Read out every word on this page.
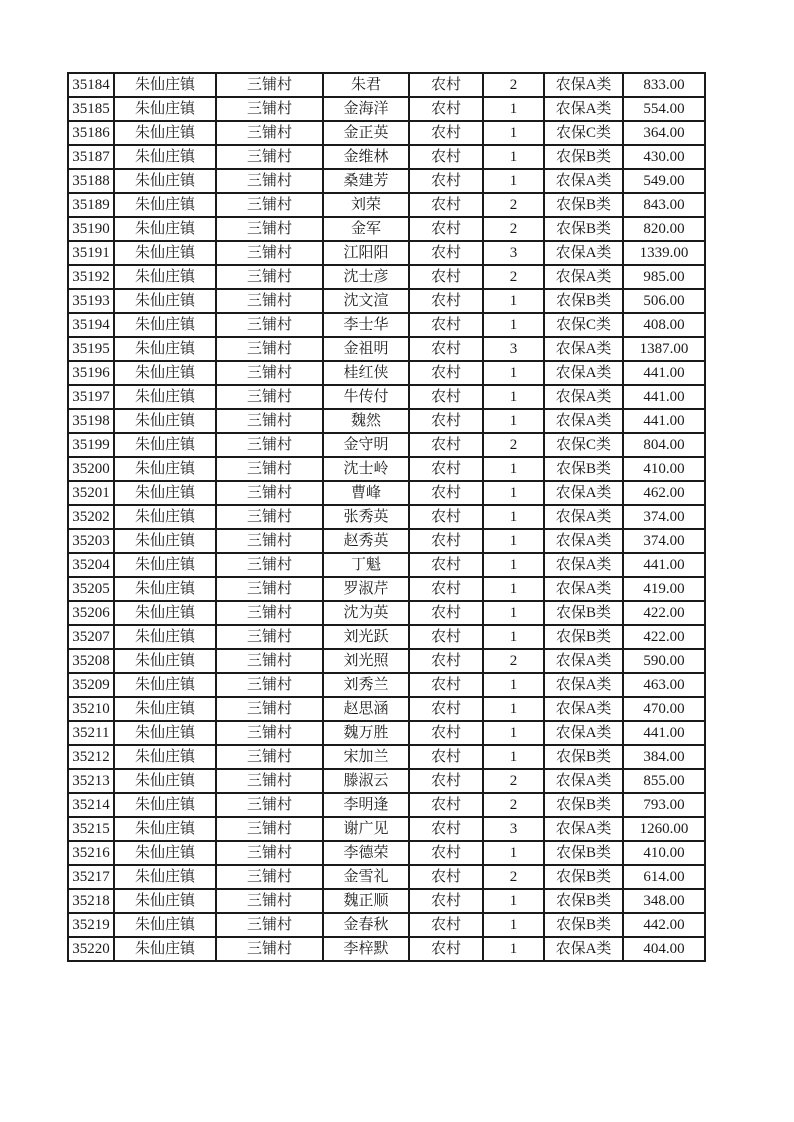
35184	朱仙庄镇	三铺村	朱君	农村	2	农保A类	833.00
35185	朱仙庄镇	三铺村	金海洋	农村	1	农保A类	554.00
35186	朱仙庄镇	三铺村	金正英	农村	1	农保C类	364.00
35187	朱仙庄镇	三铺村	金维林	农村	1	农保B类	430.00
35188	朱仙庄镇	三铺村	桑建芳	农村	1	农保A类	549.00
35189	朱仙庄镇	三铺村	刘荣	农村	2	农保B类	843.00
35190	朱仙庄镇	三铺村	金军	农村	2	农保B类	820.00
35191	朱仙庄镇	三铺村	江阳阳	农村	3	农保A类	1339.00
35192	朱仙庄镇	三铺村	沈士彦	农村	2	农保A类	985.00
35193	朱仙庄镇	三铺村	沈文渲	农村	1	农保B类	506.00
35194	朱仙庄镇	三铺村	李士华	农村	1	农保C类	408.00
35195	朱仙庄镇	三铺村	金祖明	农村	3	农保A类	1387.00
35196	朱仙庄镇	三铺村	桂红侠	农村	1	农保A类	441.00
35197	朱仙庄镇	三铺村	牛传付	农村	1	农保A类	441.00
35198	朱仙庄镇	三铺村	魏然	农村	1	农保A类	441.00
35199	朱仙庄镇	三铺村	金守明	农村	2	农保C类	804.00
35200	朱仙庄镇	三铺村	沈士岭	农村	1	农保B类	410.00
35201	朱仙庄镇	三铺村	曹峰	农村	1	农保A类	462.00
35202	朱仙庄镇	三铺村	张秀英	农村	1	农保A类	374.00
35203	朱仙庄镇	三铺村	赵秀英	农村	1	农保A类	374.00
35204	朱仙庄镇	三铺村	丁魁	农村	1	农保A类	441.00
35205	朱仙庄镇	三铺村	罗淑芹	农村	1	农保A类	419.00
35206	朱仙庄镇	三铺村	沈为英	农村	1	农保B类	422.00
35207	朱仙庄镇	三铺村	刘光跃	农村	1	农保B类	422.00
35208	朱仙庄镇	三铺村	刘光照	农村	2	农保A类	590.00
35209	朱仙庄镇	三铺村	刘秀兰	农村	1	农保A类	463.00
35210	朱仙庄镇	三铺村	赵思涵	农村	1	农保A类	470.00
35211	朱仙庄镇	三铺村	魏万胜	农村	1	农保A类	441.00
35212	朱仙庄镇	三铺村	宋加兰	农村	1	农保B类	384.00
35213	朱仙庄镇	三铺村	滕淑云	农村	2	农保A类	855.00
35214	朱仙庄镇	三铺村	李明逢	农村	2	农保B类	793.00
35215	朱仙庄镇	三铺村	谢广见	农村	3	农保A类	1260.00
35216	朱仙庄镇	三铺村	李德荣	农村	1	农保B类	410.00
35217	朱仙庄镇	三铺村	金雪礼	农村	2	农保B类	614.00
35218	朱仙庄镇	三铺村	魏正顺	农村	1	农保B类	348.00
35219	朱仙庄镇	三铺村	金春秋	农村	1	农保B类	442.00
35220	朱仙庄镇	三铺村	李梓默	农村	1	农保A类	404.00
